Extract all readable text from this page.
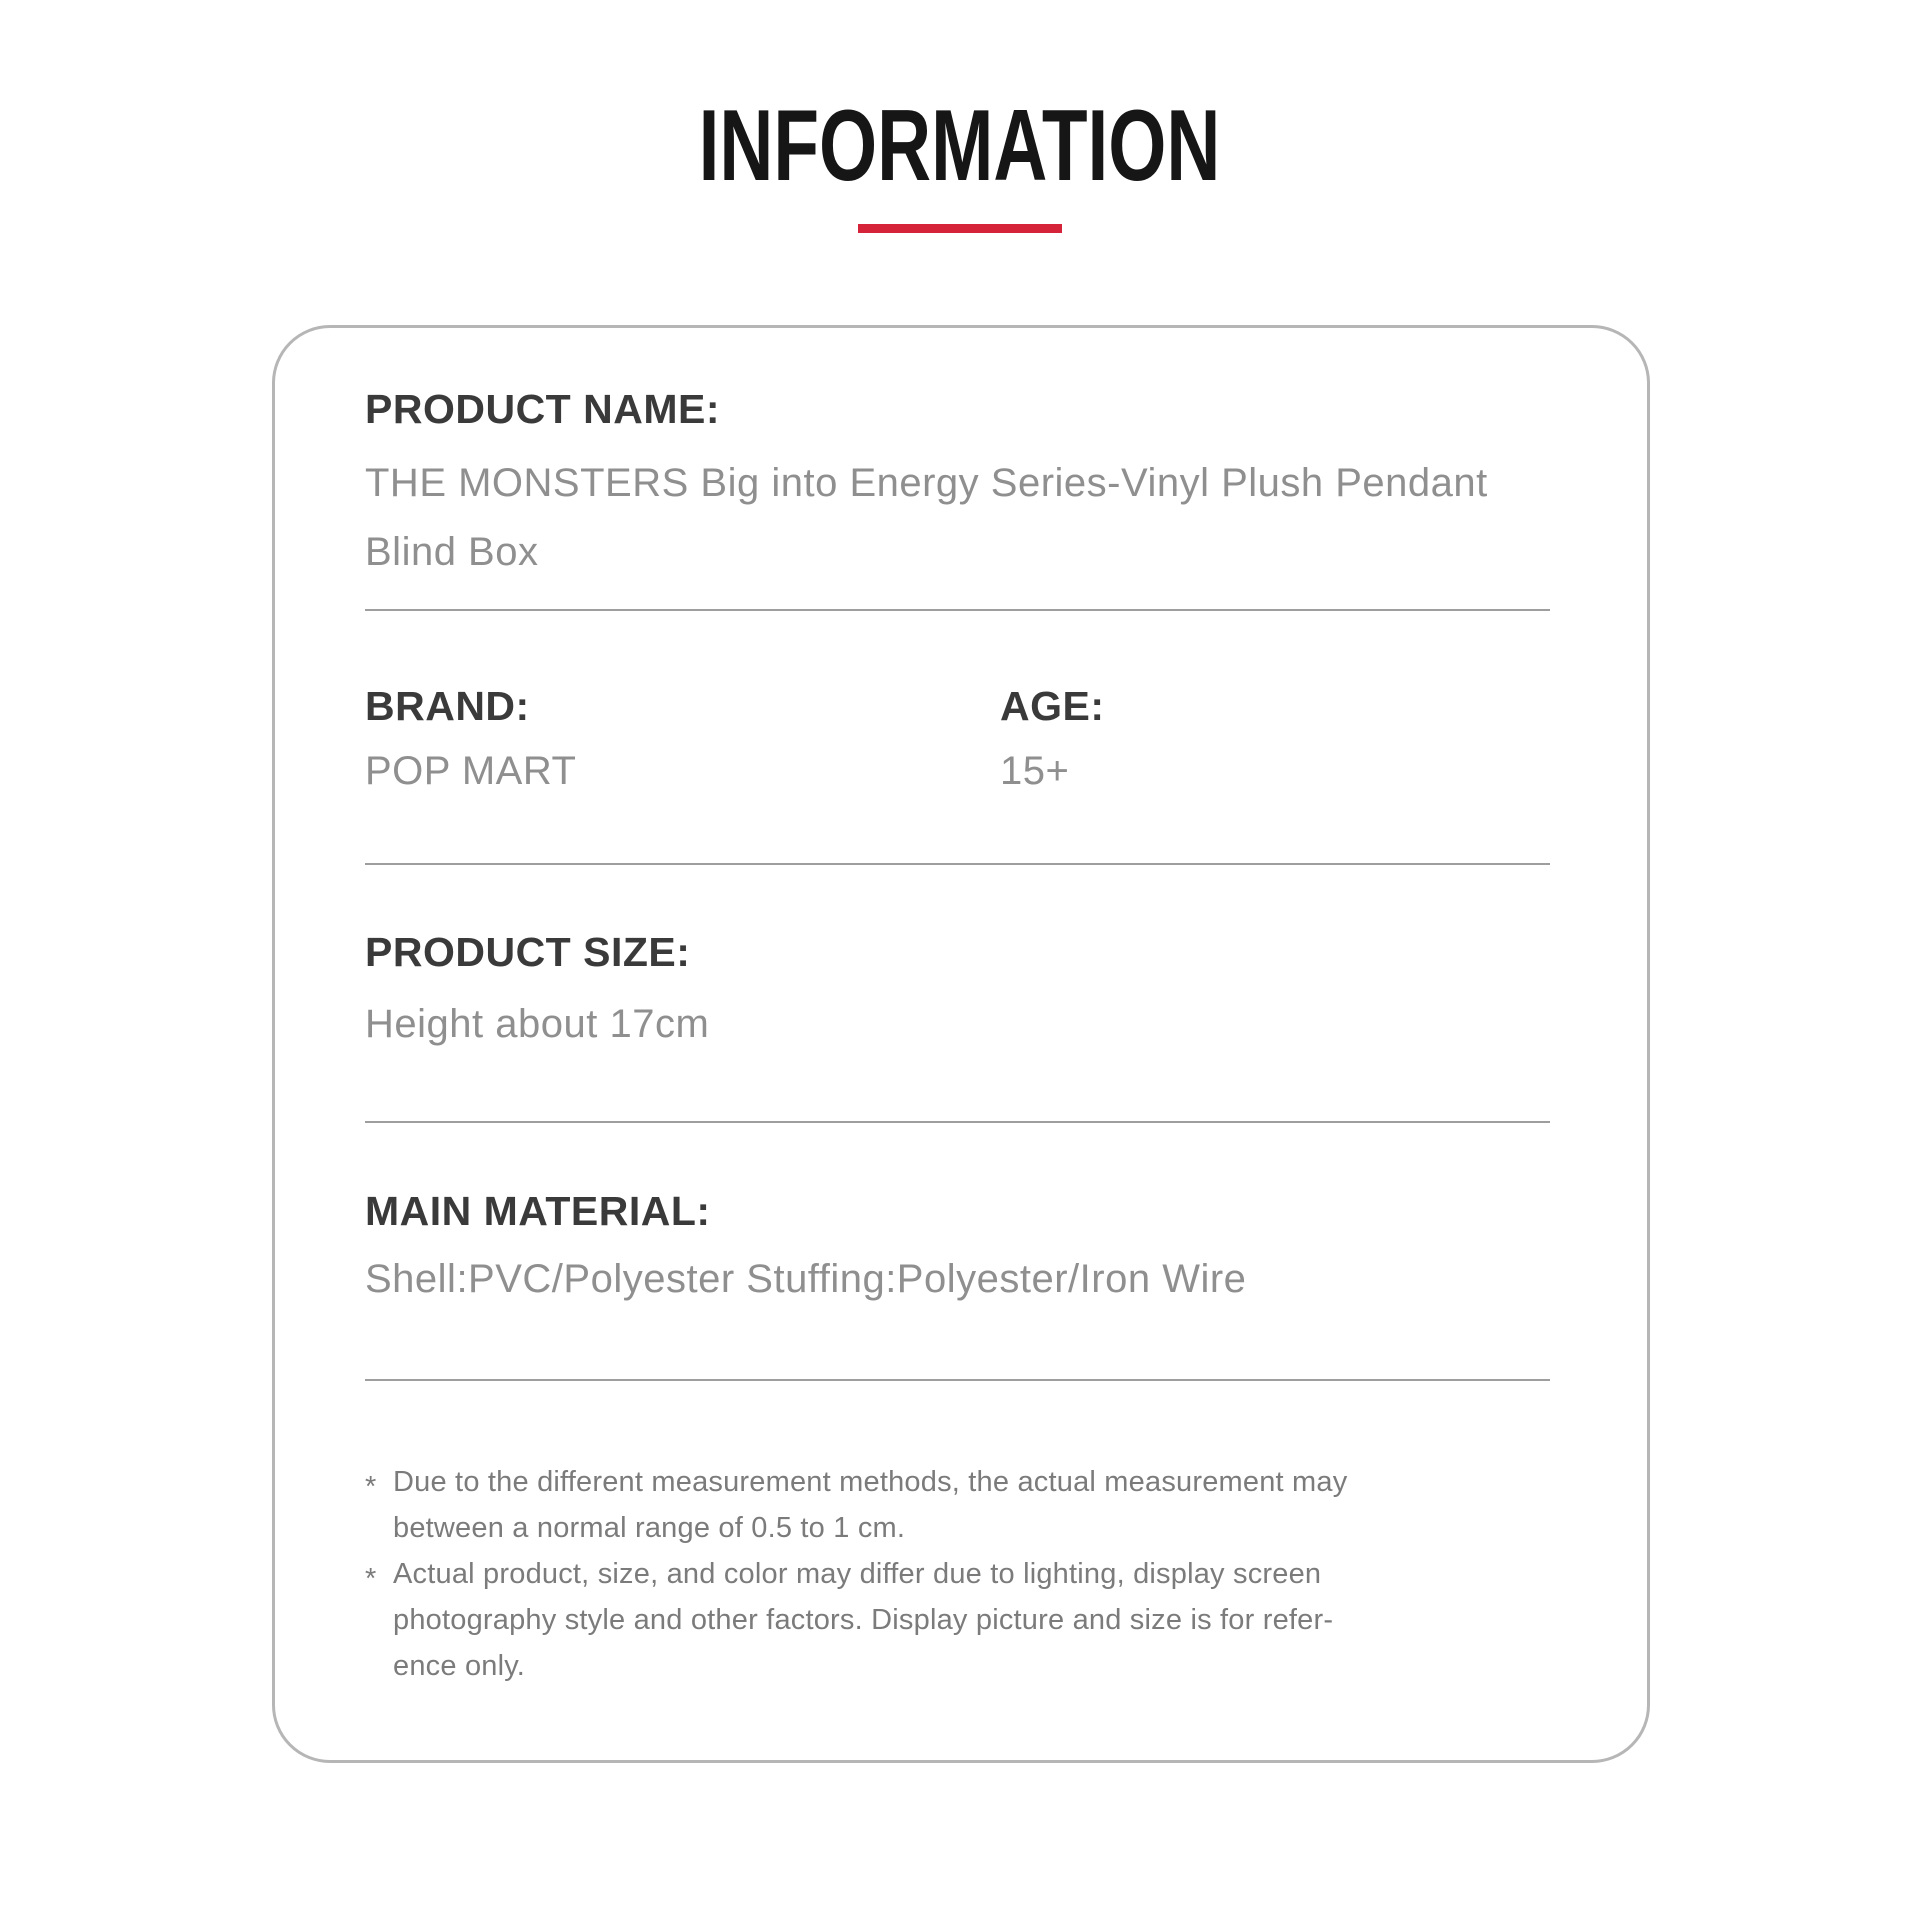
INFORMATION
PRODUCT NAME:
THE MONSTERS Big into Energy Series-Vinyl Plush Pendant Blind Box
BRAND:	AGE:
POP MART	15+
PRODUCT SIZE:
Height about 17cm
MAIN MATERIAL:
Shell:PVC/Polyester Stuffing:Polyester/Iron Wire
* Due to the different measurement methods, the actual measurement may
between a normal range of 0.5 to 1 cm.
* Actual product, size, and color may differ due to lighting, display screen
photography style and other factors. Display picture and size is for refer-
ence only.
